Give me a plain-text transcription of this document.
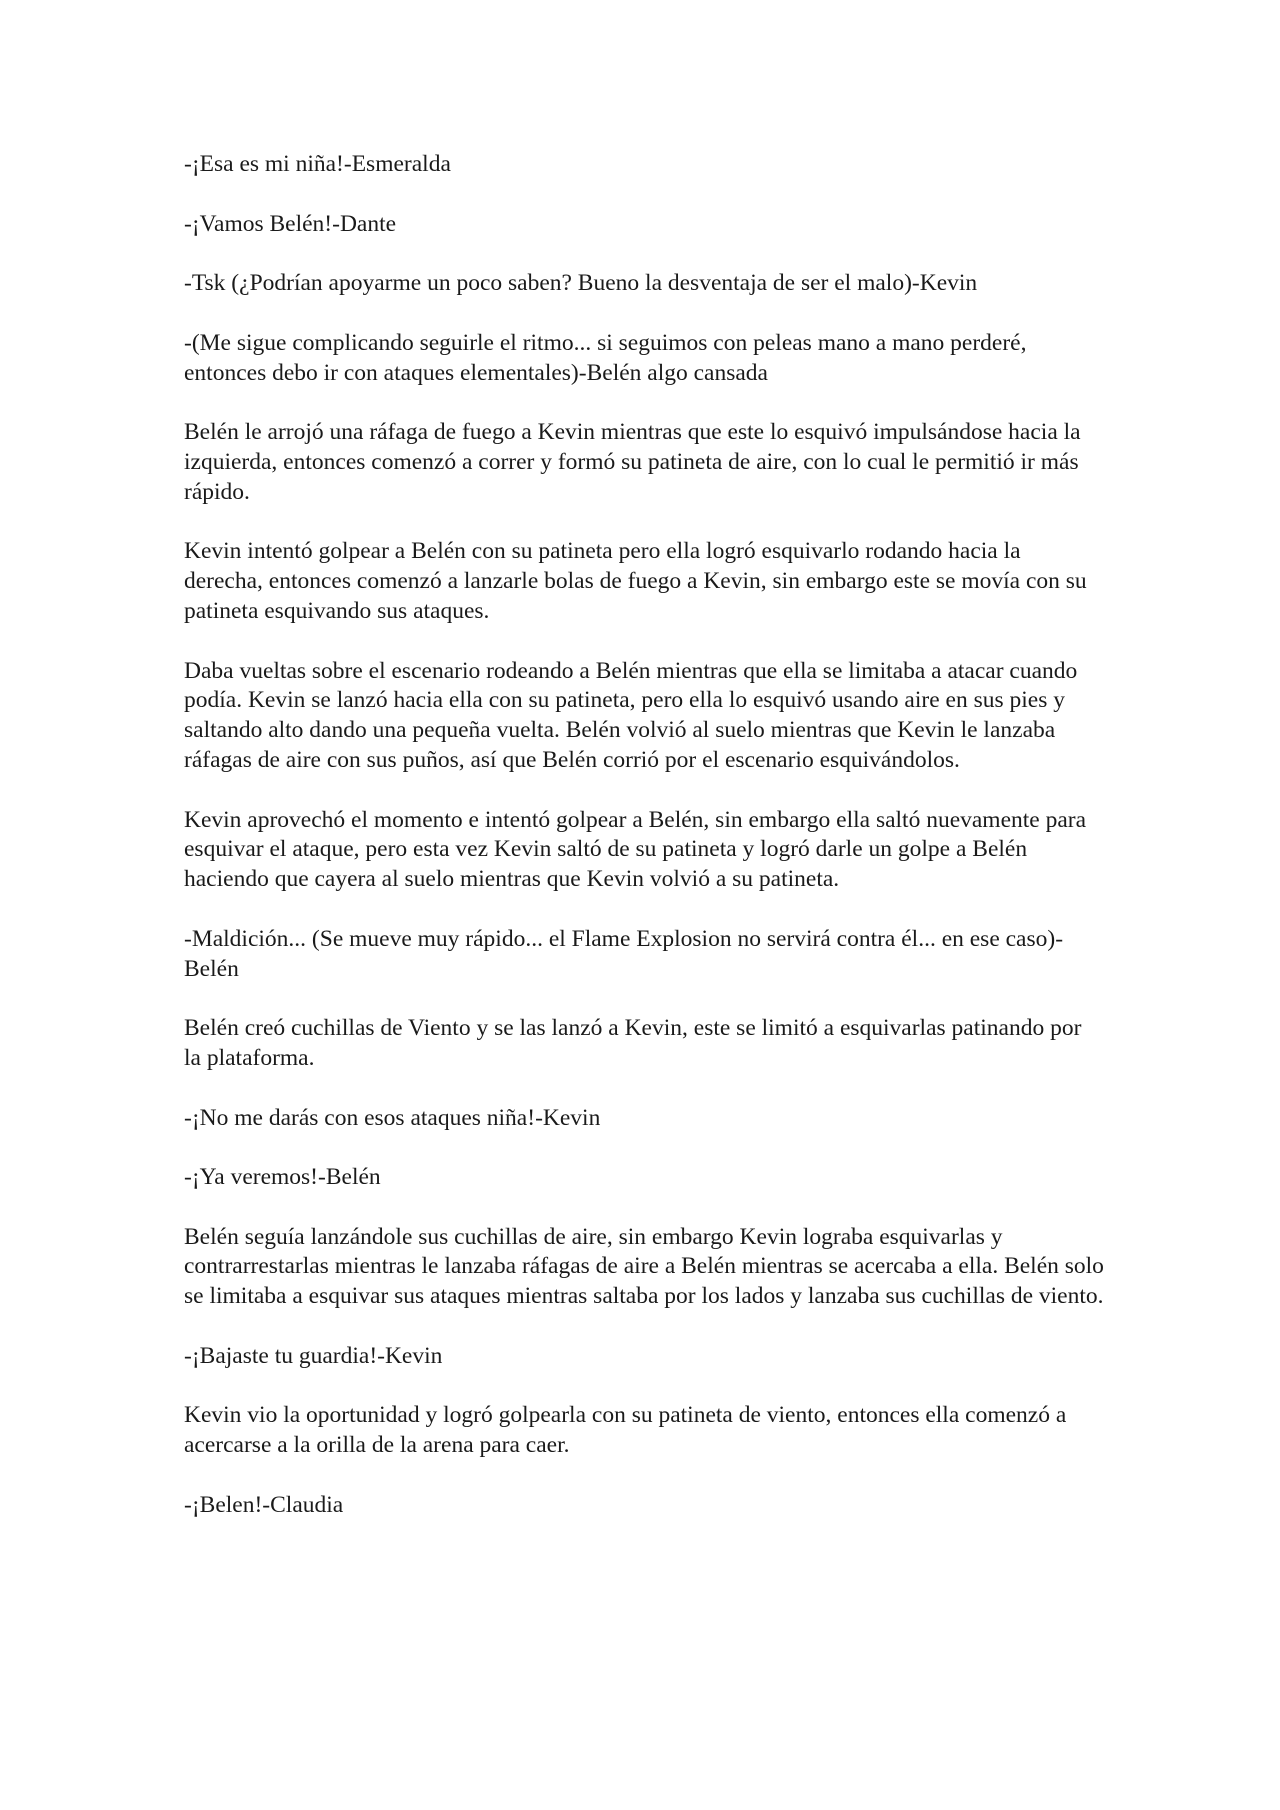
-¡Esa es mi niña!-Esmeralda

-¡Vamos Belén!-Dante

-Tsk (¿Podrían apoyarme un poco saben? Bueno la desventaja de ser el malo)-Kevin

-(Me sigue complicando seguirle el ritmo... si seguimos con peleas mano a mano perderé, entonces debo ir con ataques elementales)-Belén algo cansada

Belén le arrojó una ráfaga de fuego a Kevin mientras que este lo esquivó impulsándose hacia la izquierda, entonces comenzó a correr y formó su patineta de aire, con lo cual le permitió ir más rápido.

Kevin intentó golpear a Belén con su patineta pero ella logró esquivarlo rodando hacia la derecha, entonces comenzó a lanzarle bolas de fuego a Kevin, sin embargo este se movía con su patineta esquivando sus ataques.

Daba vueltas sobre el escenario rodeando a Belén mientras que ella se limitaba a atacar cuando podía. Kevin se lanzó hacia ella con su patineta, pero ella lo esquivó usando aire en sus pies y saltando alto dando una pequeña vuelta. Belén volvió al suelo mientras que Kevin le lanzaba ráfagas de aire con sus puños, así que Belén corrió por el escenario esquivándolos.

Kevin aprovechó el momento e intentó golpear a Belén, sin embargo ella saltó nuevamente para esquivar el ataque, pero esta vez Kevin saltó de su patineta y logró darle un golpe a Belén haciendo que cayera al suelo mientras que Kevin volvió a su patineta.

-Maldición... (Se mueve muy rápido... el Flame Explosion no servirá contra él... en ese caso)-Belén

Belén creó cuchillas de Viento y se las lanzó a Kevin, este se limitó a esquivarlas patinando por la plataforma.

-¡No me darás con esos ataques niña!-Kevin

-¡Ya veremos!-Belén

Belén seguía lanzándole sus cuchillas de aire, sin embargo Kevin lograba esquivarlas y contrarrestarlas mientras le lanzaba ráfagas de aire a Belén mientras se acercaba a ella. Belén solo se limitaba a esquivar sus ataques mientras saltaba por los lados y lanzaba sus cuchillas de viento.

-¡Bajaste tu guardia!-Kevin

Kevin vio la oportunidad y logró golpearla con su patineta de viento, entonces ella comenzó a acercarse a la orilla de la arena para caer.

-¡Belen!-Claudia
